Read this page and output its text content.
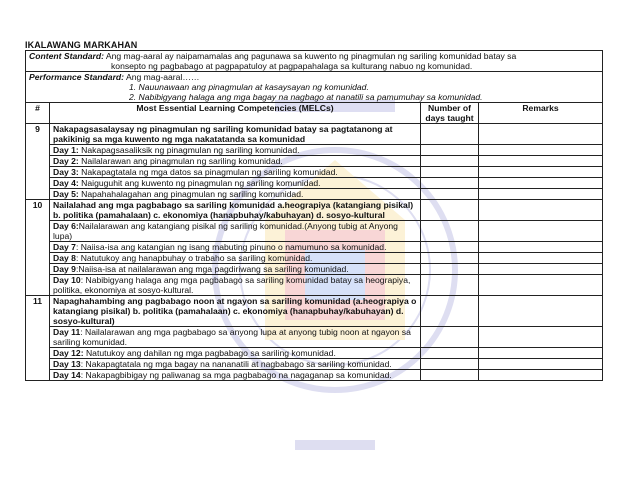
IKALAWANG MARKAHAN
Content Standard: Ang mag-aaral ay naipamamalas ang pagunawa sa kuwento ng pinagmulan ng sariling komunidad batay sa
konsepto ng pagbabago at pagpapatuloy at pagpapahalaga sa kulturang nabuo ng komunidad.			

Performance Standard: Ang mag-aaral……
1. Nauunawaan ang pinagmulan at kasaysayan ng komunidad.
2. Nabibigyang halaga ang mga bagay na nagbago at nanatili sa pamumuhay sa komunidad.			

#	Most Essential Learning Competencies (MELCs)	Number of days taught	Remarks
9	Nakapagsasalaysay ng pinagmulan ng sariling komunidad batay sa pagtatanong at pakikinig sa mga kuwento ng mga nakatatanda sa komunidad		
	Day 1: Nakapagsasaliksik ng pinagmulan ng sariling komunidad.		
	Day 2: Nailalarawan ang pinagmulan ng sariling komunidad.		
	Day 3: Nakapagtatala ng mga datos sa pinagmulan ng sariling komunidad.		
	Day 4: Naiguguhit ang kuwento ng pinagmulan ng sariling komunidad.		
	Day 5: Napahahalagahan ang pinagmulan ng sariling komunidad.		
10	Nailalahad ang mga pagbabago sa sariling komunidad a.heograpiya (katangiang pisikal) b. politika (pamahalaan) c. ekonomiya (hanapbuhay/kabuhayan) d. sosyo-kultural		
	Day 6:Nailalarawan ang katangiang pisikal ng sariling komunidad.(Anyong tubig at Anyong lupa)		
	Day 7: Naiisa-isa ang katangian ng isang mabuting pinuno o namumuno sa komunidad.		
	Day 8: Natutukoy ang hanapbuhay o trabaho sa sariling komunidad.		
	Day 9:Naiisa-isa at nailalarawan ang mga pagdiriwang sa sariling komunidad.		
	Day 10: Nabibigyang halaga ang mga pagbabago sa sariling komunidad batay sa heograpiya, politika, ekonomiya at sosyo-kultural.		
11	Napaghahambing ang pagbabago noon at ngayon sa sariling komunidad (a.heograpiya o katangiang pisikal) b. politika (pamahalaan) c. ekonomiya (hanapbuhay/kabuhayan) d. sosyo-kultural)		
	Day 11: Nailalarawan ang mga pagbabago sa anyong lupa at anyong tubig noon at ngayon sa sariling komunidad.		
	Day 12: Natutukoy ang dahilan ng mga pagbabago sa sariling komunidad.		
	Day 13: Nakapagtatala ng mga bagay na nananatili at nagbabago sa sariling komunidad.		
	Day 14: Nakapagbibigay ng paliwanag sa mga pagbabago na nagaganap sa komunidad.		
